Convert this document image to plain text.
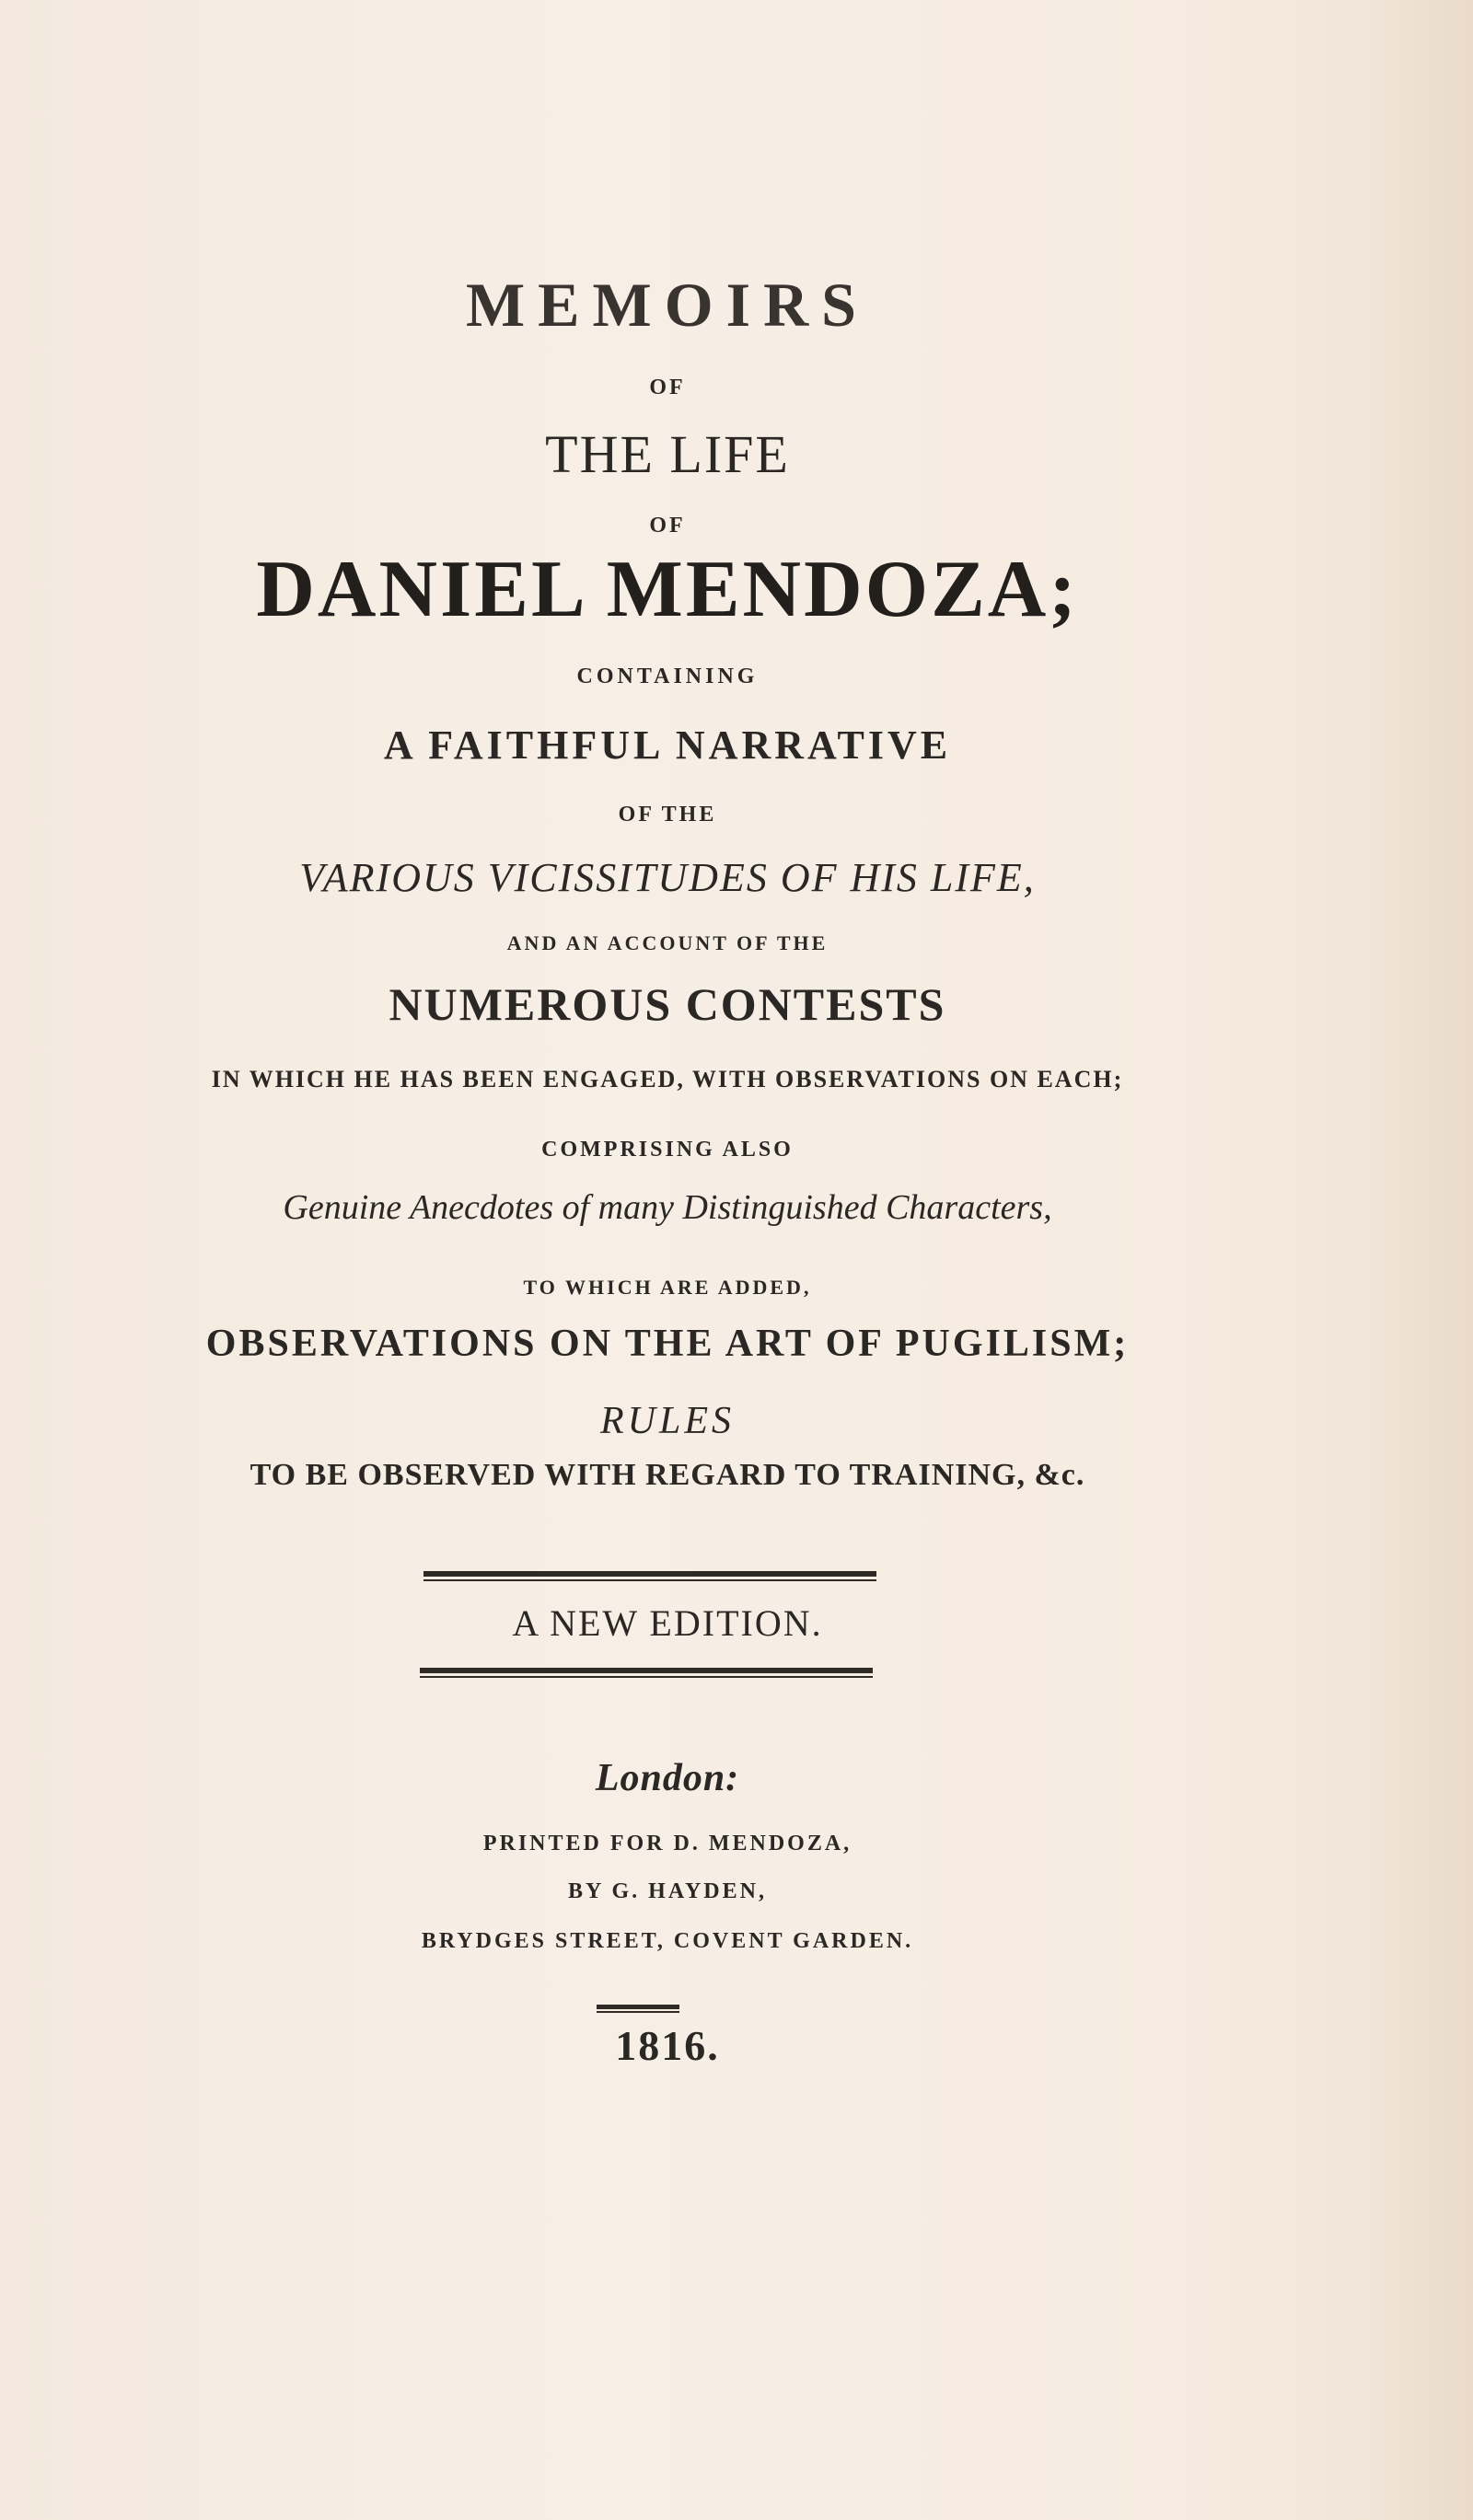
MEMOIRS
OF
THE LIFE
OF
DANIEL MENDOZA;
CONTAINING
A FAITHFUL NARRATIVE
OF THE
VARIOUS VICISSITUDES OF HIS LIFE,
AND AN ACCOUNT OF THE
NUMEROUS CONTESTS
IN WHICH HE HAS BEEN ENGAGED, WITH OBSERVATIONS ON EACH;
COMPRISING ALSO
Genuine Anecdotes of many Distinguished Characters,
TO WHICH ARE ADDED,
OBSERVATIONS ON THE ART OF PUGILISM;
RULES
TO BE OBSERVED WITH REGARD TO TRAINING, &c.
A NEW EDITION.
London:
PRINTED FOR D. MENDOZA,
BY G. HAYDEN,
BRYDGES STREET, COVENT GARDEN.
1816.
